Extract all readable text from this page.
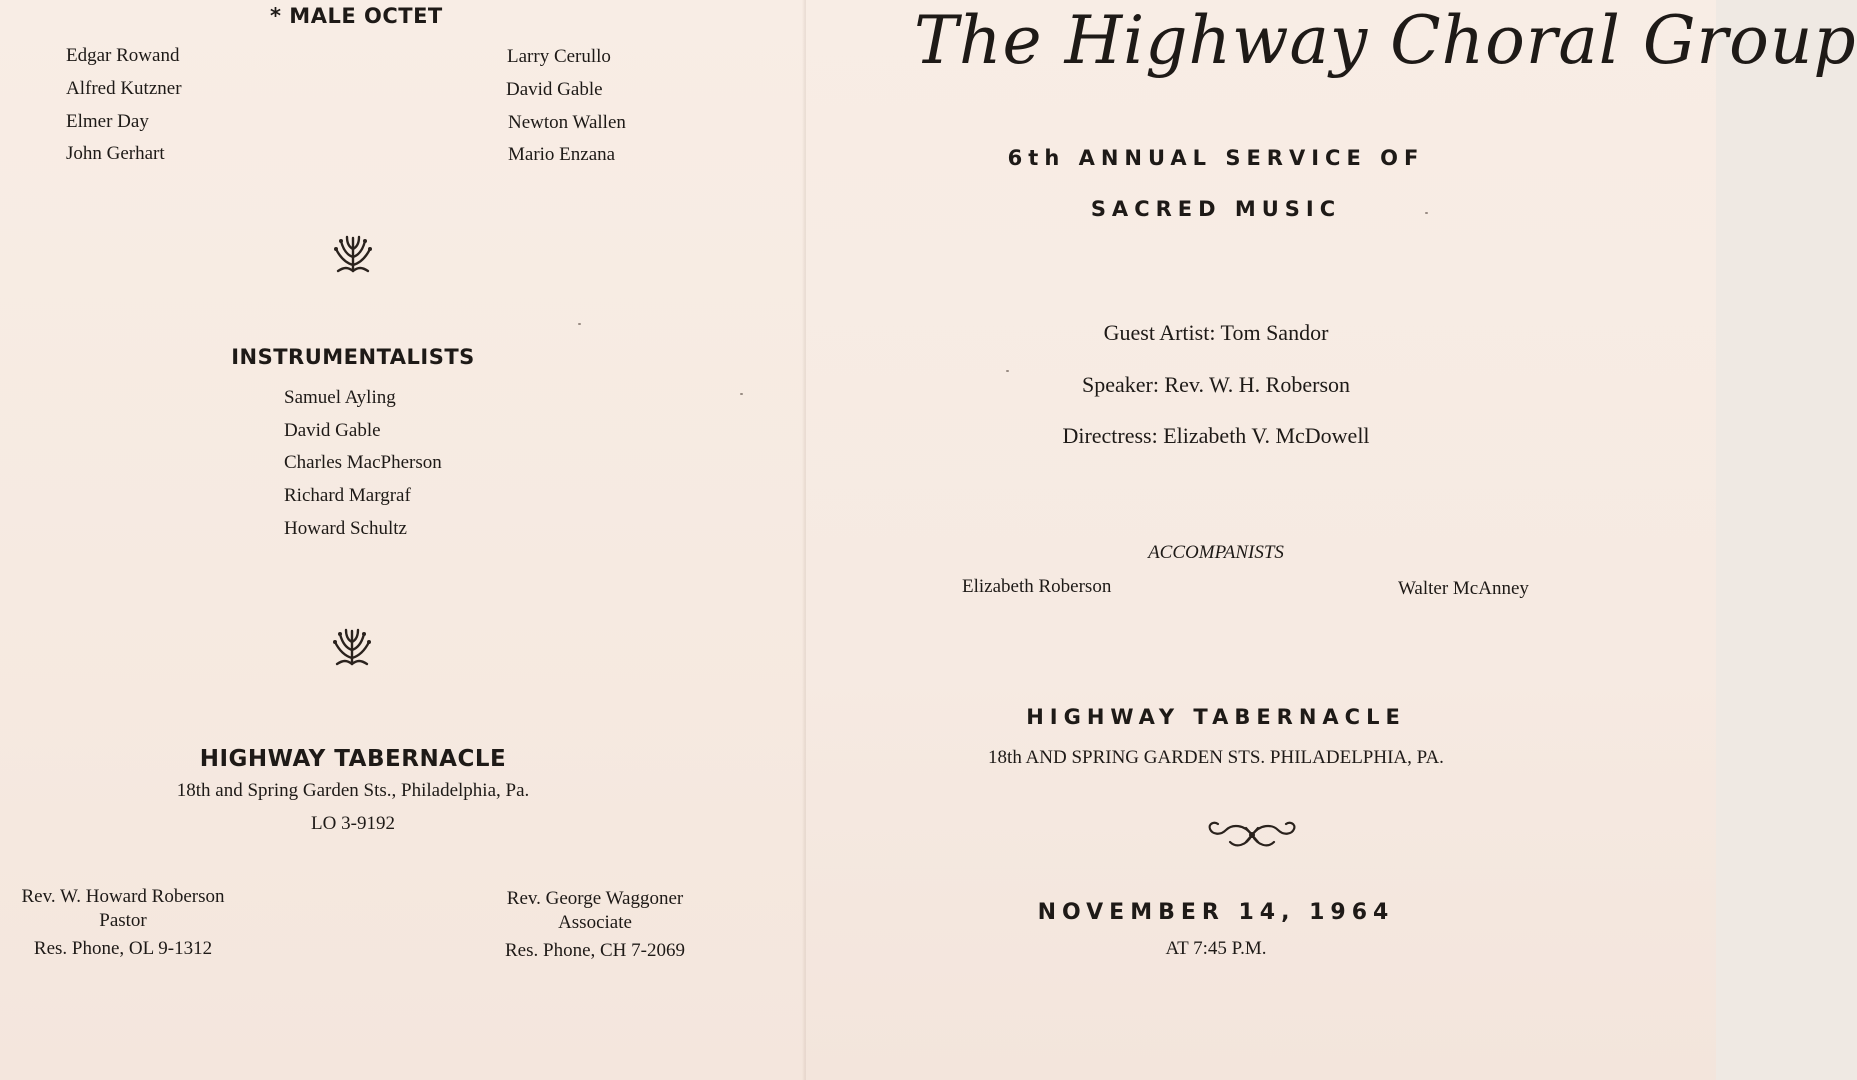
* MALE OCTET
Edgar Rowand
Alfred Kutzner
Elmer Day
John Gerhart
Larry Cerullo
David Gable
Newton Wallen
Mario Enzana
INSTRUMENTALISTS
Samuel Ayling
David Gable
Charles MacPherson
Richard Margraf
Howard Schultz
HIGHWAY TABERNACLE
18th and Spring Garden Sts., Philadelphia, Pa.
LO 3-9192
Rev. W. Howard Roberson
Pastor
Res. Phone, OL 9-1312
Rev. George Waggoner
Associate
Res. Phone, CH 7-2069
The Highway Choral Group
6th ANNUAL SERVICE OF
SACRED MUSIC
Guest Artist: Tom Sandor
Speaker: Rev. W. H. Roberson
Directress: Elizabeth V. McDowell
ACCOMPANISTS
Elizabeth Roberson	Walter McAnney
HIGHWAY TABERNACLE
18th AND SPRING GARDEN STS. PHILADELPHIA, PA.
NOVEMBER 14, 1964
AT 7:45 P.M.
